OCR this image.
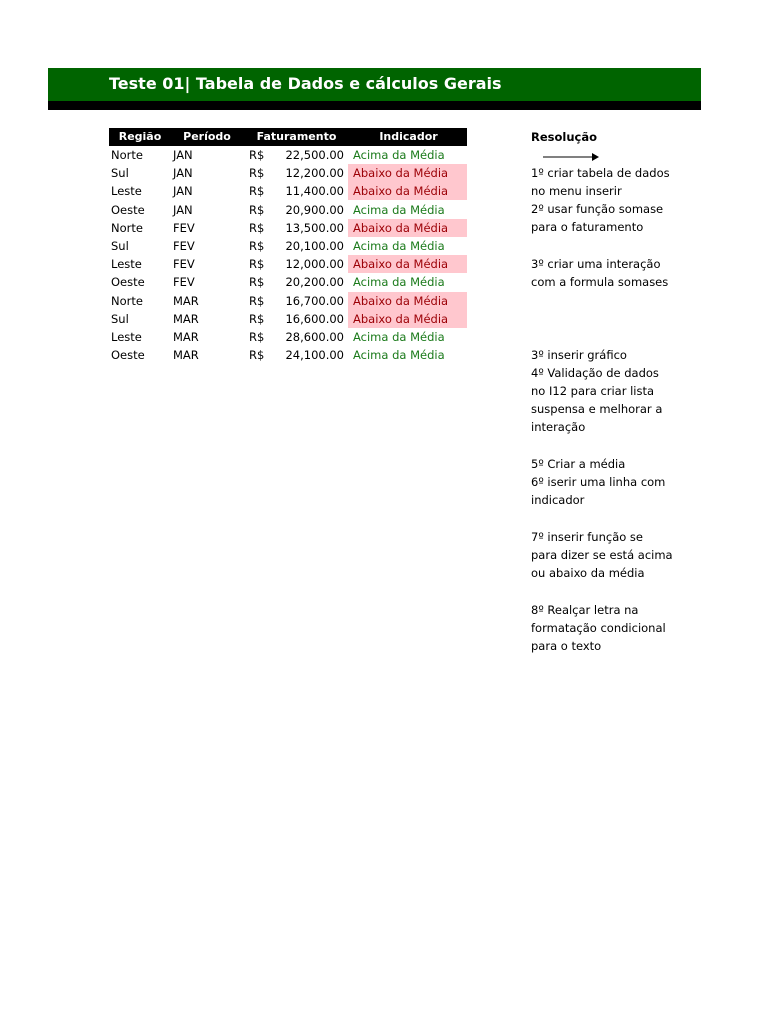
Teste 01| Tabela de Dados e cálculos Gerais
Região	Período	Faturamento	Indicador
Norte	JAN	R$	22,500.00 Acima da Média
Sul	JAN	R$	12,200.00 Abaixo da Média
Leste	JAN	R$	11,400.00 Abaixo da Média
Oeste JAN	R$	20,900.00 Acima da Média
Norte	FEV	R$	13,500.00 Abaixo da Média
Sul	FEV	R$	20,100.00 Acima da Média
Leste	FEV	R$	12,000.00 Abaixo da Média
Oeste FEV	R$	20,200.00 Acima da Média
Norte	MAR	R$	16,700.00 Abaixo da Média
Sul	MAR	R$	16,600.00 Abaixo da Média
Leste	MAR	R$	28,600.00 Acima da Média
Oeste MAR	R$	24,100.00 Acima da Média
Resolução
1º criar tabela de dados
no menu inserir
2º usar função somase
para o faturamento
3º criar uma interação
com a formula somases
3º inserir gráfico
4º Validação de dados
no I12 para criar lista
suspensa e melhorar a
interação
5º Criar a média
6º iserir uma linha com
indicador
7º inserir função se
para dizer se está acima
ou abaixo da média
8º Realçar letra na
formatação condicional
para o texto
